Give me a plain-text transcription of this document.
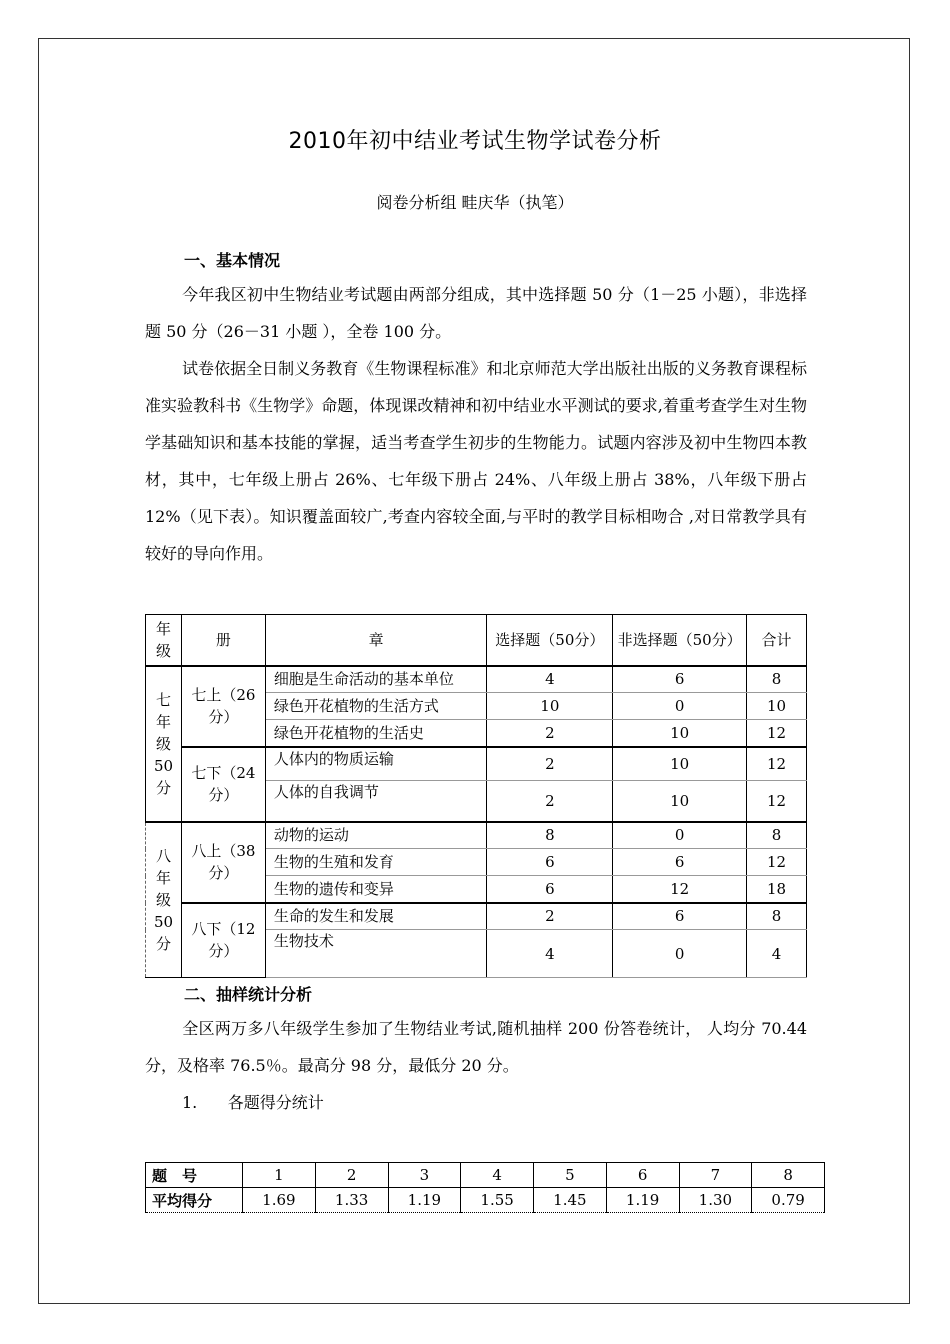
2010年初中结业考试生物学试卷分析
阅卷分析组 畦庆华（执笔）
一、基本情况
今年我区初中生物结业考试题由两部分组成，其中选择题 50 分（1－25 小题），非选择题 50 分（26－31 小题 ），全卷 100 分。
试卷依据全日制义务教育《生物课程标准》和北京师范大学出版社出版的义务教育课程标准实验教科书《生物学》命题，体现课改精神和初中结业水平测试的要求,着重考查学生对生物学基础知识和基本技能的掌握，适当考查学生初步的生物能力。试题内容涉及初中生物四本教材，其中，七年级上册占 26%、七年级下册占 24%、八年级上册占 38%，八年级下册占 12%（见下表）。知识覆盖面较广,考查内容较全面,与平时的教学目标相吻合 ,对日常教学具有较好的导向作用。
年级	册	章	选择题（50分）	非选择题（50分）	合计
七年级50分	七上（26分）	细胞是生命活动的基本单位	4	6	8
		绿色开花植物的生活方式	10	0	10
		绿色开花植物的生活史	2	10	12
	七下（24分）	人体内的物质运输	2	10	12
		人体的自我调节	2	10	12
八年级50分	八上（38分）	动物的运动	8	0	8
		生物的生殖和发育	6	6	12
		生物的遗传和变异	6	12	18
	八下（12分）	生命的发生和发展	2	6	8
		生物技术	4	0	4
二、抽样统计分析
全区两万多八年级学生参加了生物结业考试,随机抽样 200 份答卷统计， 人均分 70.44 分，及格率 76.5％。最高分 98 分，最低分 20 分。
1.      各题得分统计
题　号	1	2	3	4	5	6	7	8
平均得分	1.69	1.33	1.19	1.55	1.45	1.19	1.30	0.79
